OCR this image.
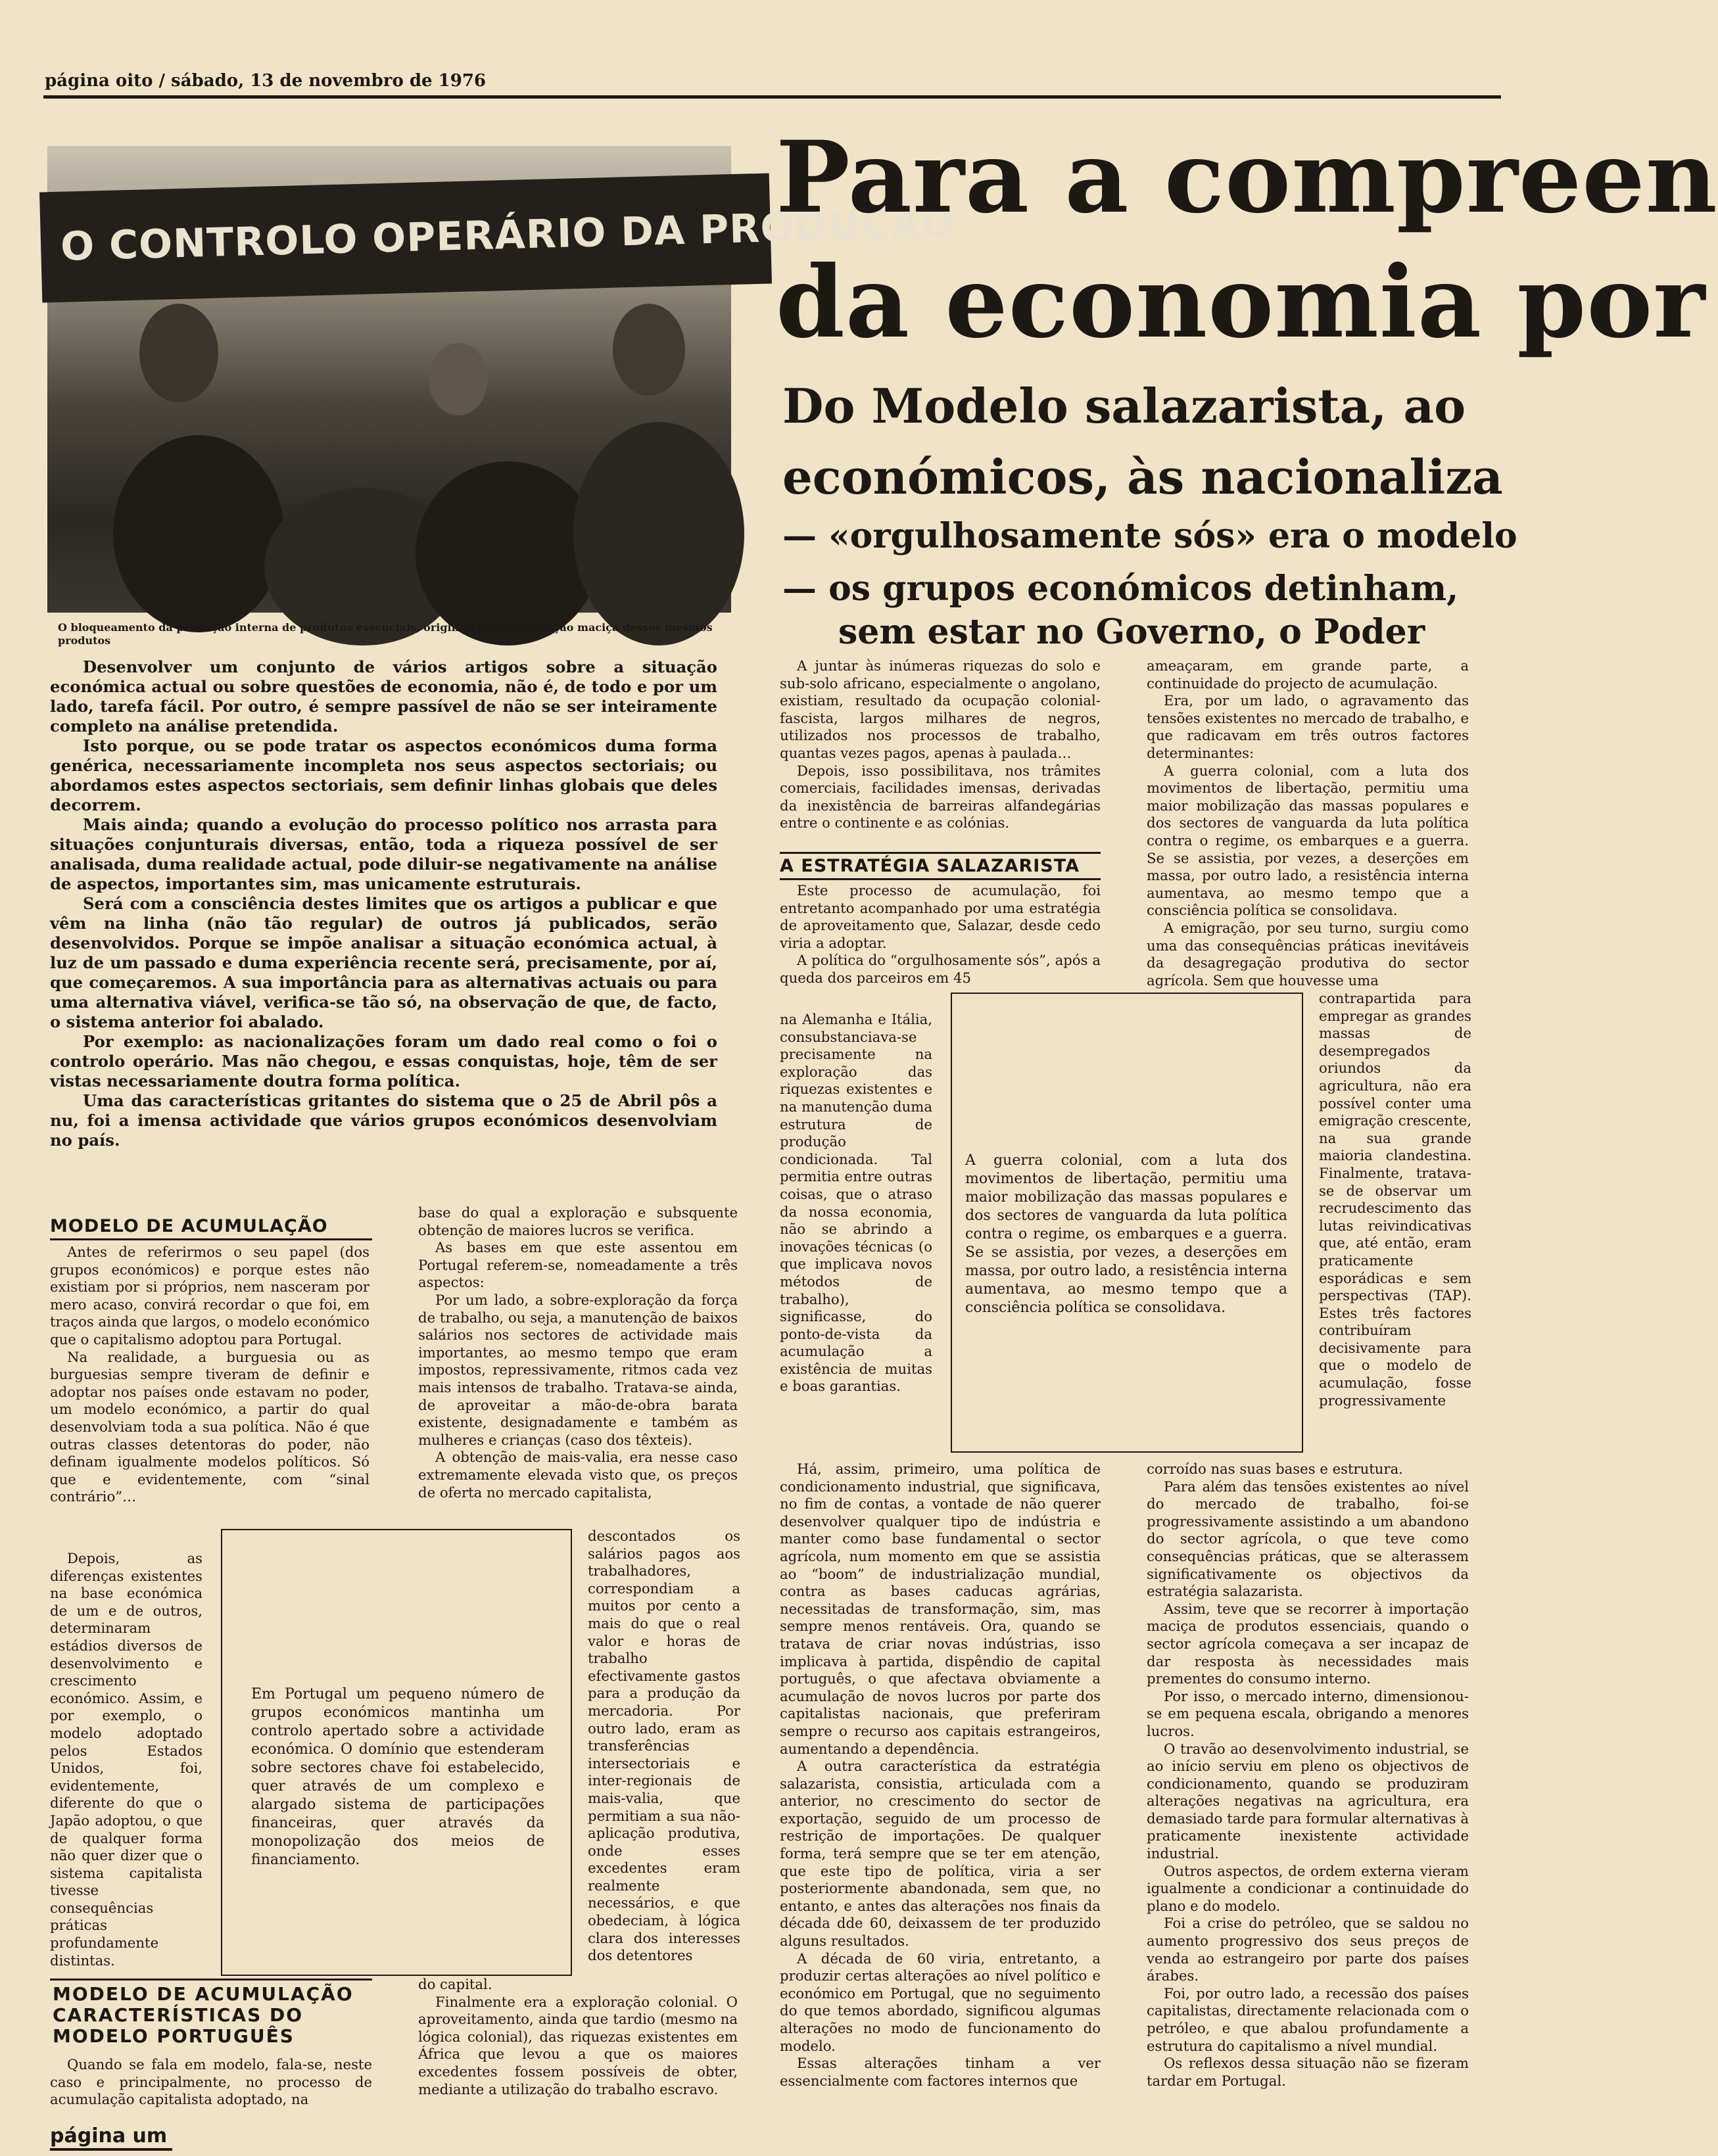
página oito / sábado, 13 de novembro de 1976
O CONTROLO OPERÁRIO DA PRODUÇÃO
O bloqueamento da produção interna de produtos essenciais, originou uma importação maciça desses mesmos produtos
Para a compreen
da economia por
Do Modelo salazarista, ao
económicos, às nacionaliza
— «orgulhosamente sós» era o modelo
— os grupos económicos detinham,
sem estar no Governo, o Poder

Desenvolver um conjunto de vários artigos sobre a situação económica actual ou sobre questões de economia, não é, de todo e por um lado, tarefa fácil. Por outro, é sempre passível de não se ser inteiramente completo na análise pretendida.

Isto porque, ou se pode tratar os aspectos económicos duma forma genérica, necessariamente incompleta nos seus aspectos sectoriais; ou abordamos estes aspectos sectoriais, sem definir linhas globais que deles decorrem.

Mais ainda; quando a evolução do processo político nos arrasta para situações conjunturais diversas, então, toda a riqueza possível de ser analisada, duma realidade actual, pode diluir-se negativamente na análise de aspectos, importantes sim, mas unicamente estruturais.

Será com a consciência destes limites que os artigos a publicar e que vêm na linha (não tão regular) de outros já publicados, serão desenvolvidos. Porque se impõe analisar a situação económica actual, à luz de um passado e duma experiência recente será, precisamente, por aí, que começaremos. A sua importância para as alternativas actuais ou para uma alternativa viável, verifica-se tão só, na observação de que, de facto, o sistema anterior foi abalado.

Por exemplo: as nacionalizações foram um dado real como o foi o controlo operário. Mas não chegou, e essas conquistas, hoje, têm de ser vistas necessariamente doutra forma política.

Uma das características gritantes do sistema que o 25 de Abril pôs a nu, foi a imensa actividade que vários grupos económicos desenvolviam no país.

MODELO DE ACUMULAÇÃO

Antes de referirmos o seu papel (dos grupos económicos) e porque estes não existiam por si próprios, nem nasceram por mero acaso, convirá recordar o que foi, em traços ainda que largos, o modelo económico que o capitalismo adoptou para Portugal.

Na realidade, a burguesia ou as burguesias sempre tiveram de definir e adoptar nos países onde estavam no poder, um modelo económico, a partir do qual desenvolviam toda a sua política. Não é que outras classes detentoras do poder, não definam igualmente modelos políticos. Só que e evidentemente, com “sinal contrário”…

Depois, as diferenças existentes na base económica de um e de outros, determinaram estádios diversos de desenvolvimento e crescimento económico. Assim, e por exemplo, o modelo adoptado pelos Estados Unidos, foi, evidentemente, diferente do que o Japão adoptou, o que de qualquer forma não quer dizer que o sistema capitalista tivesse consequências práticas profundamente distintas.

MODELO DE ACUMULAÇÃO CARACTERÍSTICAS DO MODELO PORTUGUÊS

Quando se fala em modelo, fala-se, neste caso e principalmente, no processo de acumulação capitalista adoptado, na

base do qual a exploração e subsquente obtenção de maiores lucros se verifica.

As bases em que este assentou em Portugal referem-se, nomeadamente a três aspectos:

Por um lado, a sobre-exploração da força de trabalho, ou seja, a manutenção de baixos salários nos sectores de actividade mais importantes, ao mesmo tempo que eram impostos, repressivamente, ritmos cada vez mais intensos de trabalho. Tratava-se ainda, de aproveitar a mão-de-obra barata existente, designadamente e também as mulheres e crianças (caso dos têxteis).

A obtenção de mais-valia, era nesse caso extremamente elevada visto que, os preços de oferta no mercado capitalista,

descontados os salários pagos aos trabalhadores, correspondiam a muitos por cento a mais do que o real valor e horas de trabalho efectivamente gastos para a produção da mercadoria. Por outro lado, eram as transferências intersectoriais e inter-regionais de mais-valia, que permitiam a sua não-aplicação produtiva, onde esses excedentes eram realmente necessários, e que obedeciam, à lógica clara dos interesses dos detentores

do capital.

Finalmente era a exploração colonial. O aproveitamento, ainda que tardio (mesmo na lógica colonial), das riquezas existentes em África que levou a que os maiores excedentes fossem possíveis de obter, mediante a utilização do trabalho escravo.

Em Portugal um pequeno número de grupos económicos mantinha um controlo apertado sobre a actividade económica. O domínio que estenderam sobre sectores chave foi estabelecido, quer através de um complexo e alargado sistema de participações financeiras, quer através da monopolização dos meios de financiamento.

A juntar às inúmeras riquezas do solo e sub-solo africano, especialmente o angolano, existiam, resultado da ocupação colonial-fascista, largos milhares de negros, utilizados nos processos de trabalho, quantas vezes pagos, apenas à paulada…

Depois, isso possibilitava, nos trâmites comerciais, facilidades imensas, derivadas da inexistência de barreiras alfandegárias entre o continente e as colónias.

A ESTRATÉGIA SALAZARISTA

Este processo de acumulação, foi entretanto acompanhado por uma estratégia de aproveitamento que, Salazar, desde cedo viria a adoptar.

A política do “orgulhosamente sós”, após a queda dos parceiros em 45

na Alemanha e Itália, consubstanciava-se precisamente na exploração das riquezas existentes e na manutenção duma estrutura de produção condicionada. Tal permitia entre outras coisas, que o atraso da nossa economia, não se abrindo a inovações técnicas (o que implicava novos métodos de trabalho), significasse, do ponto-de-vista da acumulação a existência de muitas e boas garantias.

Há, assim, primeiro, uma política de condicionamento industrial, que significava, no fim de contas, a vontade de não querer desenvolver qualquer tipo de indústria e manter como base fundamental o sector agrícola, num momento em que se assistia ao “boom” de industrialização mundial, contra as bases caducas agrárias, necessitadas de transformação, sim, mas sempre menos rentáveis. Ora, quando se tratava de criar novas indústrias, isso implicava à partida, dispêndio de capital português, o que afectava obviamente a acumulação de novos lucros por parte dos capitalistas nacionais, que preferiram sempre o recurso aos capitais estrangeiros, aumentando a dependência.

A outra característica da estratégia salazarista, consistia, articulada com a anterior, no crescimento do sector de exportação, seguido de um processo de restrição de importações. De qualquer forma, terá sempre que se ter em atenção, que este tipo de política, viria a ser posteriormente abandonada, sem que, no entanto, e antes das alterações nos finais da década dde 60, deixassem de ter produzido alguns resultados.

A década de 60 viria, entretanto, a produzir certas alterações ao nível político e económico em Portugal, que no seguimento do que temos abordado, significou algumas alterações no modo de funcionamento do modelo.

Essas alterações tinham a ver essencialmente com factores internos que

A guerra colonial, com a luta dos movimentos de libertação, permitiu uma maior mobilização das massas populares e dos sectores de vanguarda da luta política contra o regime, os embarques e a guerra. Se se assistia, por vezes, a deserções em massa, por outro lado, a resistência interna aumentava, ao mesmo tempo que a consciência política se consolidava.

ameaçaram, em grande parte, a continuidade do projecto de acumulação.

Era, por um lado, o agravamento das tensões existentes no mercado de trabalho, e que radicavam em três outros factores determinantes:

A guerra colonial, com a luta dos movimentos de libertação, permitiu uma maior mobilização das massas populares e dos sectores de vanguarda da luta política contra o regime, os embarques e a guerra. Se se assistia, por vezes, a deserções em massa, por outro lado, a resistência interna aumentava, ao mesmo tempo que a consciência política se consolidava.

A emigração, por seu turno, surgiu como uma das consequências práticas inevitáveis da desagregação produtiva do sector agrícola. Sem que houvesse uma

contrapartida para empregar as grandes massas de desempregados oriundos da agricultura, não era possível conter uma emigração crescente, na sua grande maioria clandestina. Finalmente, tratava-se de observar um recrudescimento das lutas reivindicativas que, até então, eram praticamente esporádicas e sem perspectivas (TAP). Estes três factores contribuíram decisivamente para que o modelo de acumulação, fosse progressivamente

corroído nas suas bases e estrutura.

Para além das tensões existentes ao nível do mercado de trabalho, foi-se progressivamente assistindo a um abandono do sector agrícola, o que teve como consequências práticas, que se alterassem significativamente os objectivos da estratégia salazarista.

Assim, teve que se recorrer à importação maciça de produtos essenciais, quando o sector agrícola começava a ser incapaz de dar resposta às necessidades mais prementes do consumo interno.

Por isso, o mercado interno, dimensionou-se em pequena escala, obrigando a menores lucros.

O travão ao desenvolvimento industrial, se ao início serviu em pleno os objectivos de condicionamento, quando se produziram alterações negativas na agricultura, era demasiado tarde para formular alternativas à praticamente inexistente actividade industrial.

Outros aspectos, de ordem externa vieram igualmente a condicionar a continuidade do plano e do modelo.

Foi a crise do petróleo, que se saldou no aumento progressivo dos seus preços de venda ao estrangeiro por parte dos países árabes.

Foi, por outro lado, a recessão dos países capitalistas, directamente relacionada com o petróleo, e que abalou profundamente a estrutura do capitalismo a nível mundial.

Os reflexos dessa situação não se fizeram tardar em Portugal.

página um
